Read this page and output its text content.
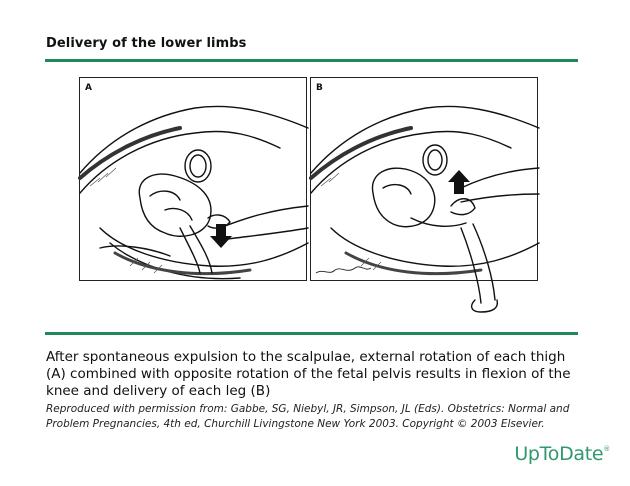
Delivery of the lower limbs
A	B
After spontaneous expulsion to the scalpulae, external rotation of each thigh (A) combined with opposite rotation of the fetal pelvis results in flexion of the knee and delivery of each leg (B)
Reproduced with permission from: Gabbe, SG, Niebyl, JR, Simpson, JL (Eds). Obstetrics: Normal and Problem Pregnancies, 4th ed, Churchill Livingstone New York 2003. Copyright © 2003 Elsevier.
UpToDate®
